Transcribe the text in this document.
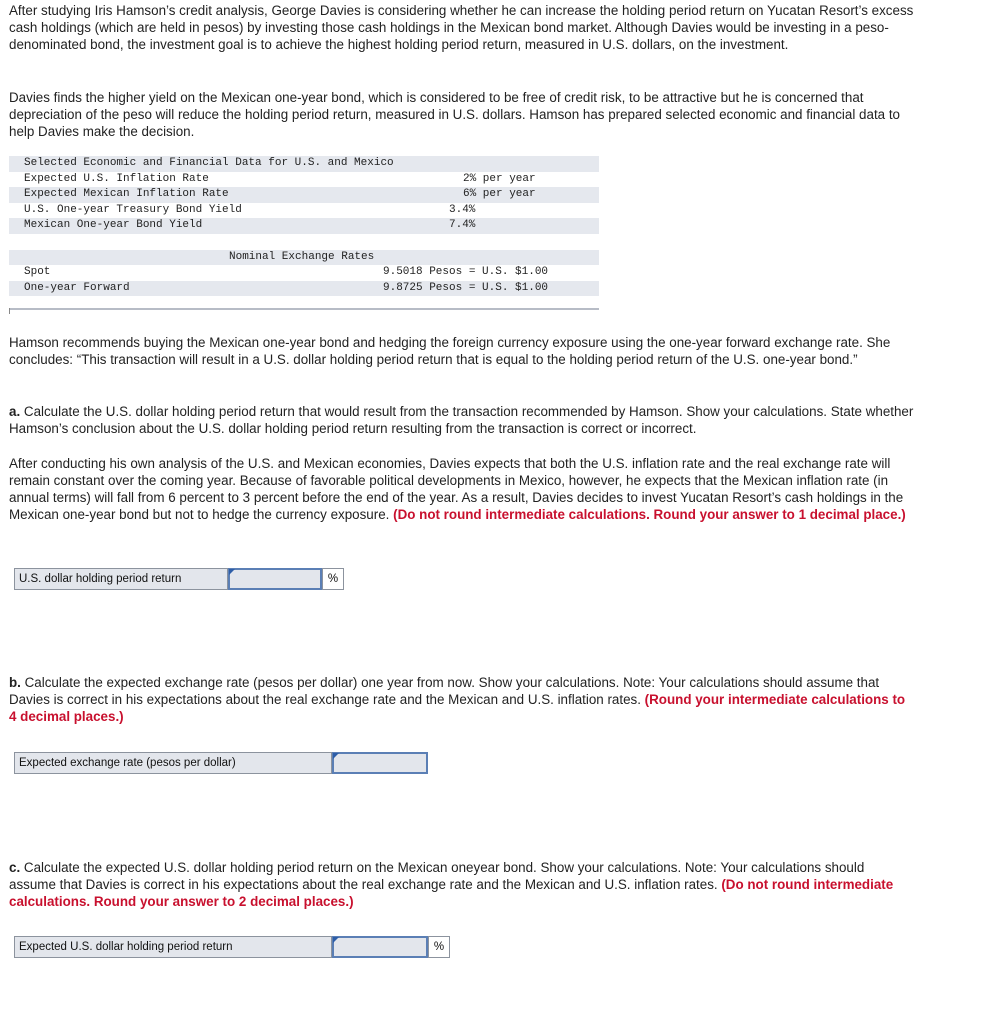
After studying Iris Hamson’s credit analysis, George Davies is considering whether he can increase the holding period return on Yucatan Resort’s excess cash holdings (which are held in pesos) by investing those cash holdings in the Mexican bond market. Although Davies would be investing in a peso-denominated bond, the investment goal is to achieve the highest holding period return, measured in U.S. dollars, on the investment.

Davies finds the higher yield on the Mexican one-year bond, which is considered to be free of credit risk, to be attractive but he is concerned that depreciation of the peso will reduce the holding period return, measured in U.S. dollars. Hamson has prepared selected economic and financial data to help Davies make the decision.

Selected Economic and Financial Data for U.S. and Mexico
Expected U.S. Inflation Rate	2% per year
Expected Mexican Inflation Rate	6% per year
U.S. One-year Treasury Bond Yield	3.4%
Mexican One-year Bond Yield	7.4%
Nominal Exchange Rates
Spot	9.5018 Pesos = U.S. $1.00
One-year Forward	9.8725 Pesos = U.S. $1.00

Hamson recommends buying the Mexican one-year bond and hedging the foreign currency exposure using the one-year forward exchange rate. She concludes: “This transaction will result in a U.S. dollar holding period return that is equal to the holding period return of the U.S. one-year bond.”

a. Calculate the U.S. dollar holding period return that would result from the transaction recommended by Hamson. Show your calculations. State whether Hamson’s conclusion about the U.S. dollar holding period return resulting from the transaction is correct or incorrect.

After conducting his own analysis of the U.S. and Mexican economies, Davies expects that both the U.S. inflation rate and the real exchange rate will remain constant over the coming year. Because of favorable political developments in Mexico, however, he expects that the Mexican inflation rate (in annual terms) will fall from 6 percent to 3 percent before the end of the year. As a result, Davies decides to invest Yucatan Resort’s cash holdings in the Mexican one-year bond but not to hedge the currency exposure. (Do not round intermediate calculations. Round your answer to 1 decimal place.)

U.S. dollar holding period return	%

b. Calculate the expected exchange rate (pesos per dollar) one year from now. Show your calculations. Note: Your calculations should assume that Davies is correct in his expectations about the real exchange rate and the Mexican and U.S. inflation rates. (Round your intermediate calculations to 4 decimal places.)

Expected exchange rate (pesos per dollar)

c. Calculate the expected U.S. dollar holding period return on the Mexican oneyear bond. Show your calculations. Note: Your calculations should assume that Davies is correct in his expectations about the real exchange rate and the Mexican and U.S. inflation rates. (Do not round intermediate calculations. Round your answer to 2 decimal places.)

Expected U.S. dollar holding period return	%
